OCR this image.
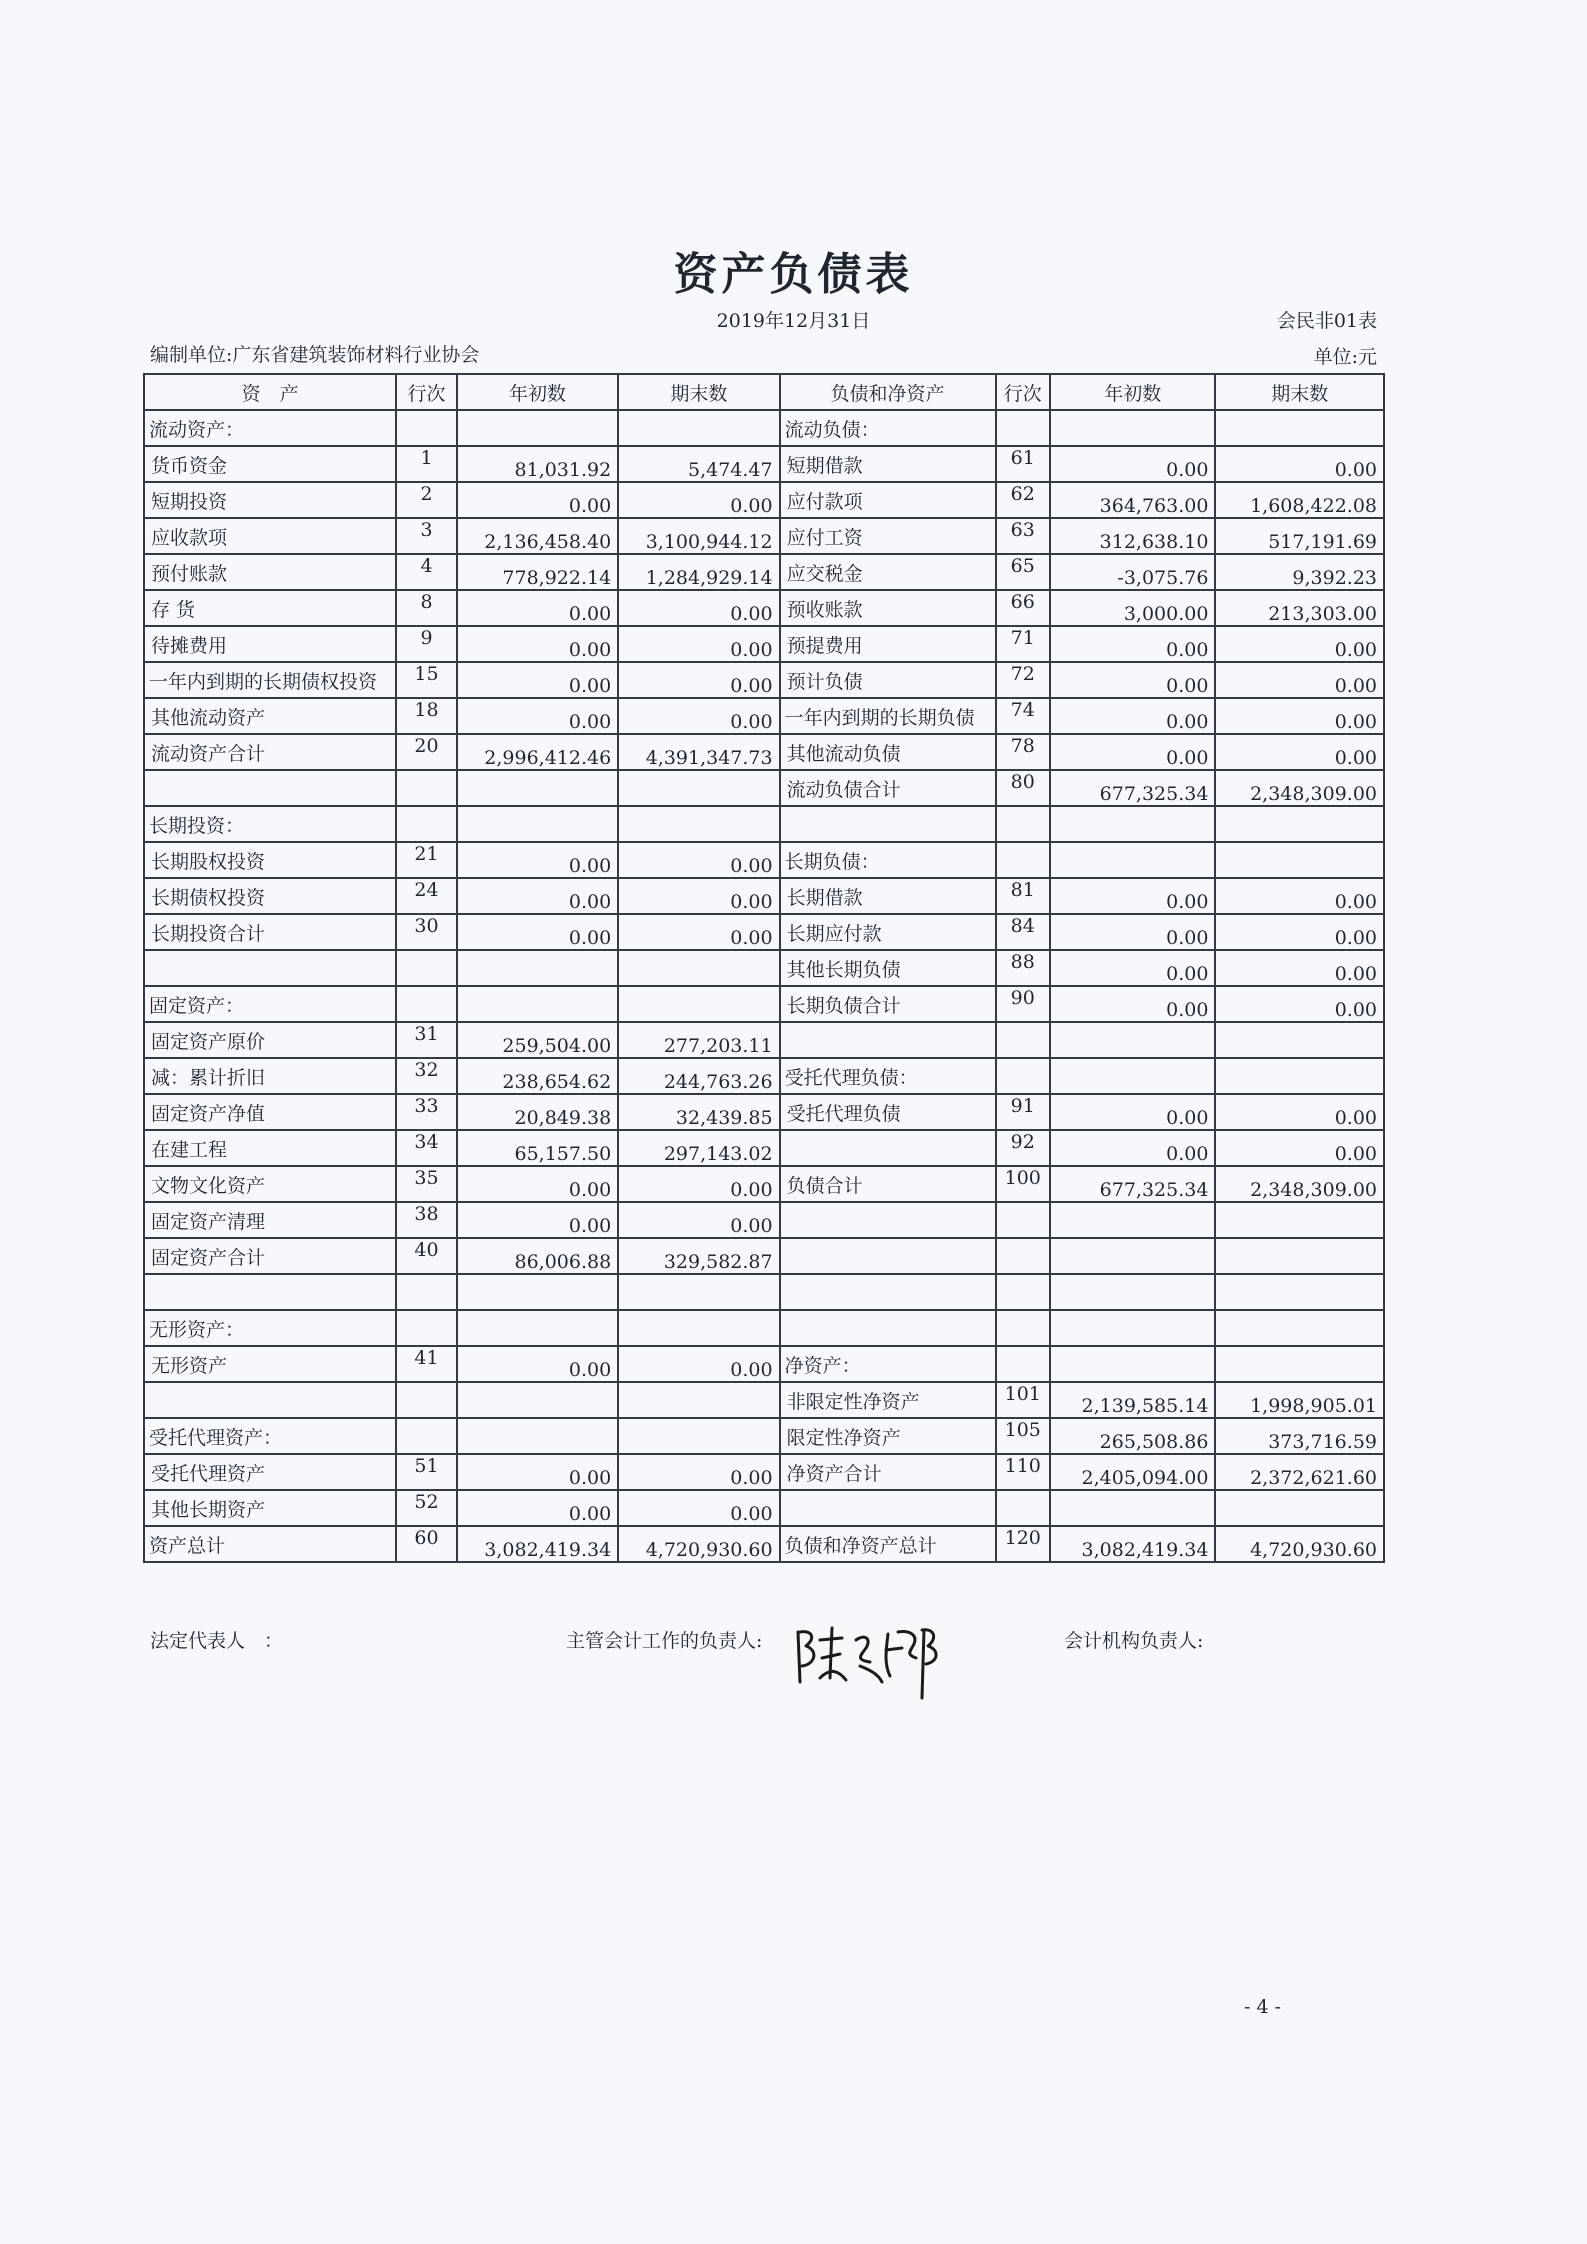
资产负债表
2019年12月31日	会民非01表
编制单位:广东省建筑装饰材料行业协会	单位:元
资　产	行次	年初数	期末数	负债和净资产	行次	年初数	期末数
流动资产：				流动负债：			
货币资金	1	81,031.92	5,474.47	短期借款	61	0.00	0.00
短期投资	2	0.00	0.00	应付款项	62	364,763.00	1,608,422.08
应收款项	3	2,136,458.40	3,100,944.12	应付工资	63	312,638.10	517,191.69
预付账款	4	778,922.14	1,284,929.14	应交税金	65	-3,075.76	9,392.23
存 货	8	0.00	0.00	预收账款	66	3,000.00	213,303.00
待摊费用	9	0.00	0.00	预提费用	71	0.00	0.00
一年内到期的长期债权投资	15	0.00	0.00	预计负债	72	0.00	0.00
其他流动资产	18	0.00	0.00	一年内到期的长期负债	74	0.00	0.00
流动资产合计	20	2,996,412.46	4,391,347.73	其他流动负债	78	0.00	0.00
				流动负债合计	80	677,325.34	2,348,309.00
长期投资：							
长期股权投资	21	0.00	0.00	长期负债：			
长期债权投资	24	0.00	0.00	长期借款	81	0.00	0.00
长期投资合计	30	0.00	0.00	长期应付款	84	0.00	0.00
				其他长期负债	88	0.00	0.00
固定资产：				长期负债合计	90	0.00	0.00
固定资产原价	31	259,504.00	277,203.11				
减：累计折旧	32	238,654.62	244,763.26	受托代理负债：			
固定资产净值	33	20,849.38	32,439.85	受托代理负债	91	0.00	0.00
在建工程	34	65,157.50	297,143.02		92	0.00	0.00
文物文化资产	35	0.00	0.00	负债合计	100	677,325.34	2,348,309.00
固定资产清理	38	0.00	0.00				
固定资产合计	40	86,006.88	329,582.87				

无形资产：							
无形资产	41	0.00	0.00	净资产：			
				非限定性净资产	101	2,139,585.14	1,998,905.01
受托代理资产：				限定性净资产	105	265,508.86	373,716.59
受托代理资产	51	0.00	0.00	净资产合计	110	2,405,094.00	2,372,621.60
其他长期资产	52	0.00	0.00				
资产总计	60	3,082,419.34	4,720,930.60	负债和净资产总计	120	3,082,419.34	4,720,930.60
法定代表人　：	主管会计工作的负责人:	会计机构负责人:
- 4 -
